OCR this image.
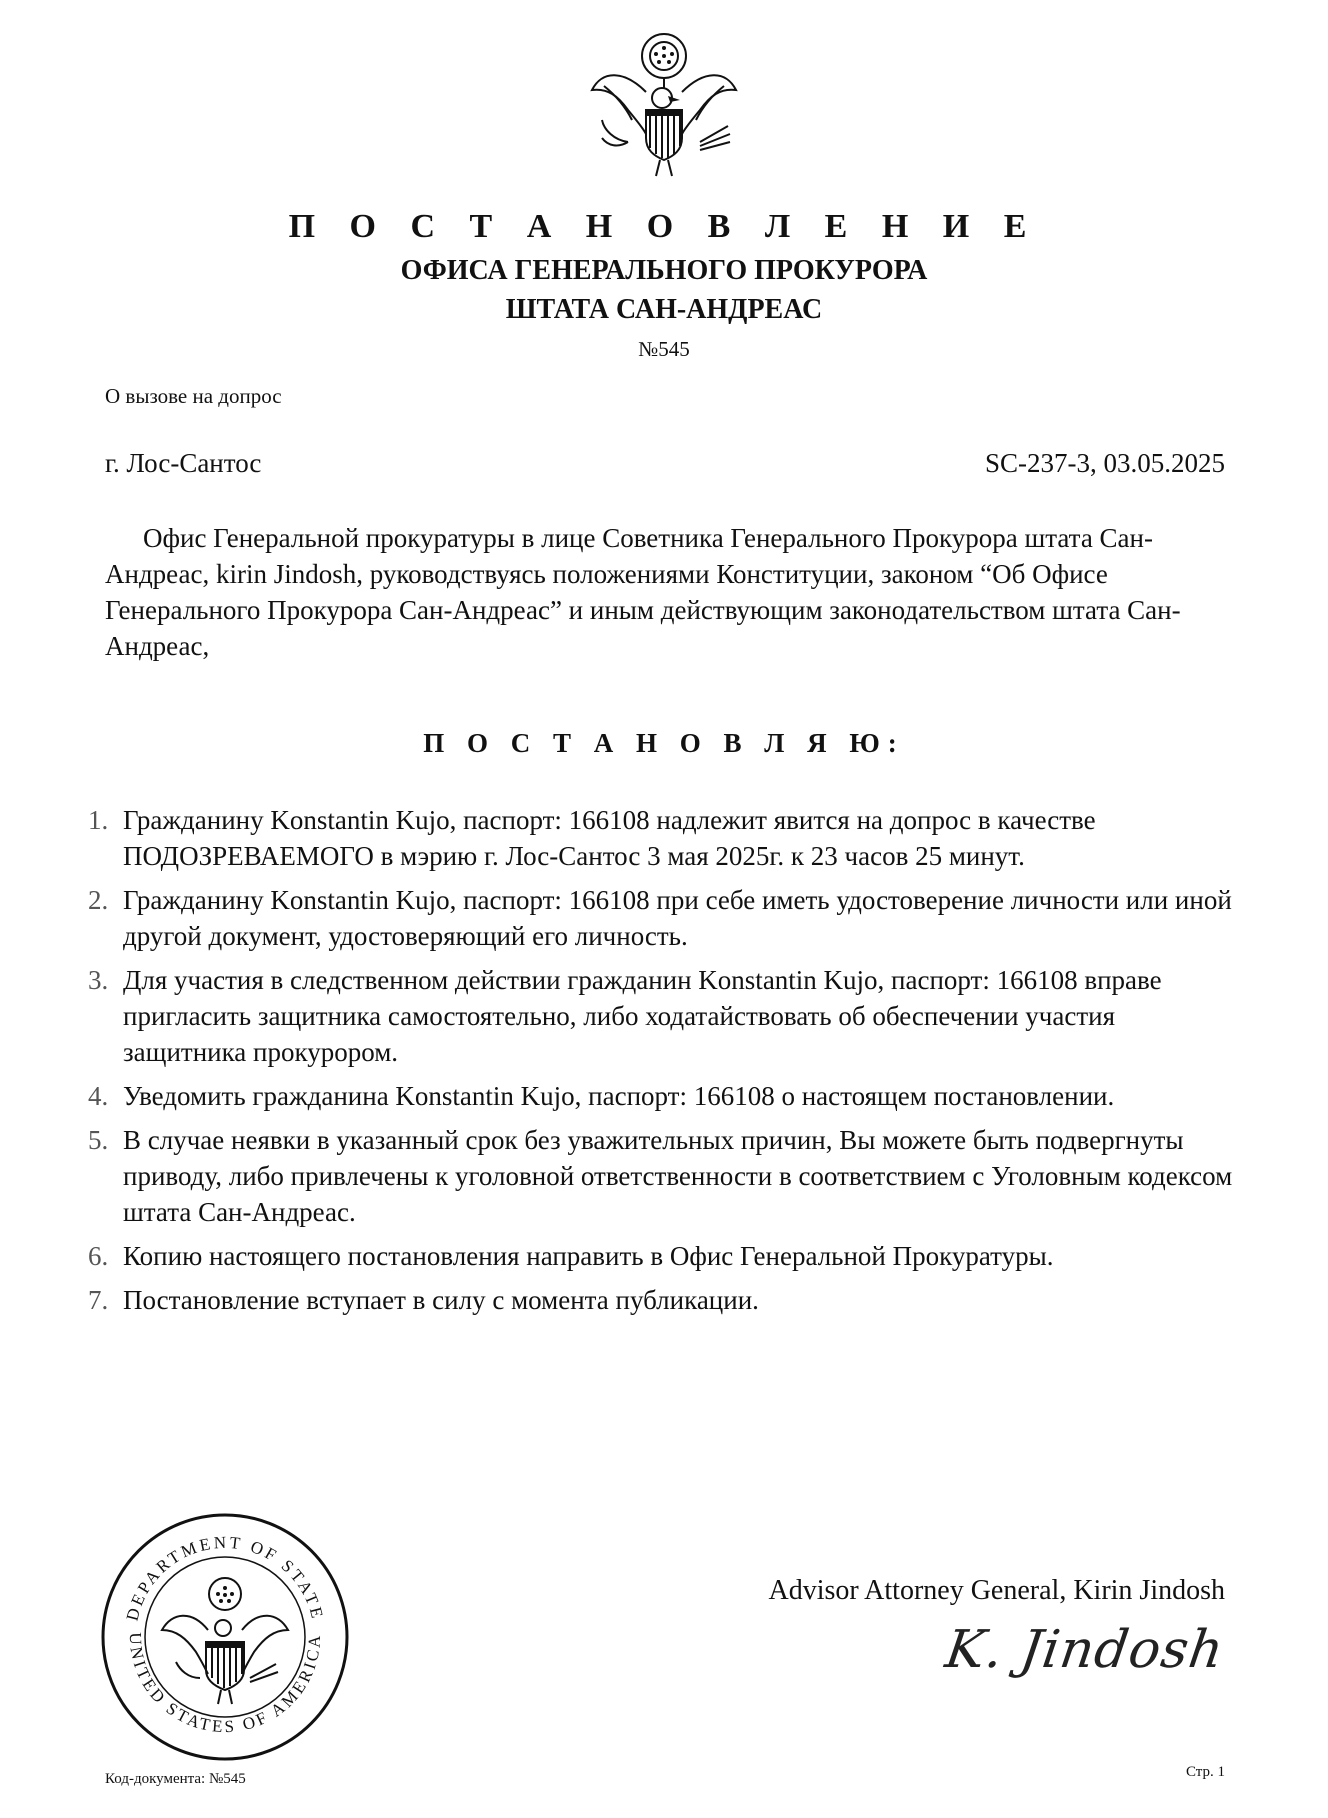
П О С Т А Н О В Л Е Н И Е
ОФИСА ГЕНЕРАЛЬНОГО ПРОКУРОРА
ШТАТА САН-АНДРЕАС
№545
О вызове на допрос
г. Лос-Сантос	SC-237-3, 03.05.2025
Офис Генеральной прокуратуры в лице Советника Генерального Прокурора штата Сан-Андреас, kirin Jindosh, руководствуясь положениями Конституции, законом “Об Офисе Генерального Прокурора Сан-Андреас” и иным действующим законодательством штата Сан-Андреас,
П О С Т А Н О В Л Я Ю:
1. Гражданину Konstantin Kujo, паспорт: 166108 надлежит явится на допрос в качестве ПОДОЗРЕВАЕМОГО в мэрию г. Лос-Сантос 3 мая 2025г. к 23 часов 25 минут.
2. Гражданину Konstantin Kujo, паспорт: 166108 при себе иметь удостоверение личности или иной другой документ, удостоверяющий его личность.
3. Для участия в следственном действии гражданин Konstantin Kujo, паспорт: 166108 вправе пригласить защитника самостоятельно, либо ходатайствовать об обеспечении участия защитника прокурором.
4. Уведомить гражданина Konstantin Kujo, паспорт: 166108 о настоящем постановлении.
5. В случае неявки в указанный срок без уважительных причин, Вы можете быть подвергнуты приводу, либо привлечены к уголовной ответственности в соответствием с Уголовным кодексом штата Сан-Андреас.
6. Копию настоящего постановления направить в Офис Генеральной Прокуратуры.
7. Постановление вступает в силу с момента публикации.
DEPARTMENT OF STATE
UNITED STATES OF AMERICA
Advisor Attorney General, Kirin Jindosh
K. Jindosh
Код-документа: №545	Стр. 1
